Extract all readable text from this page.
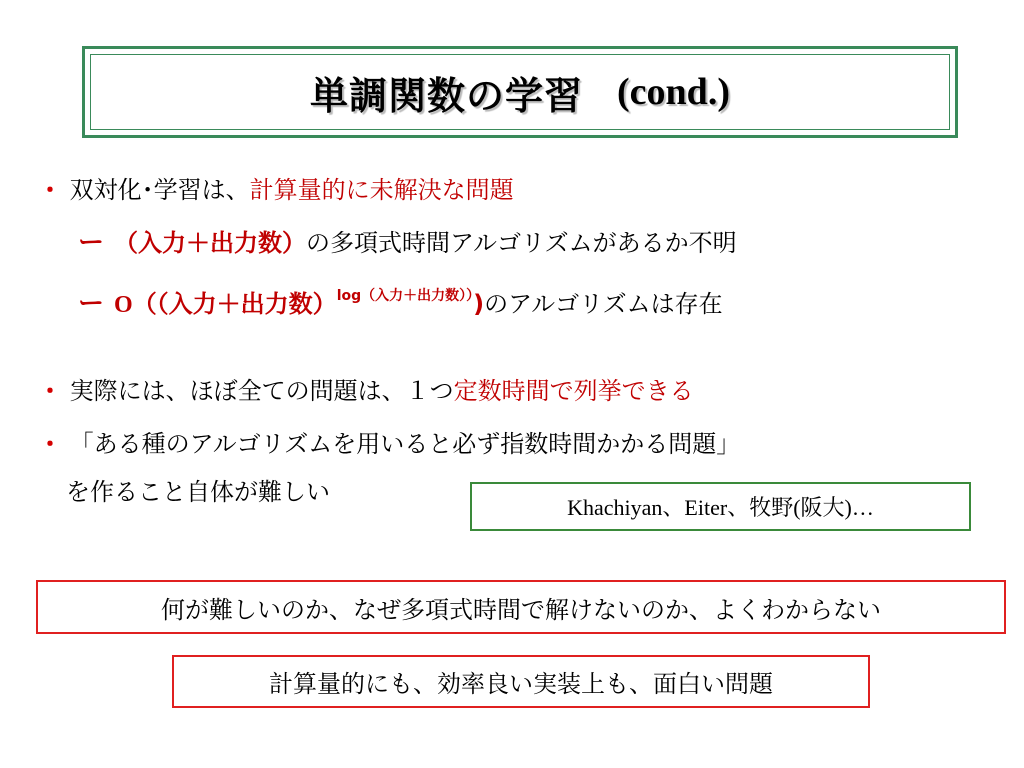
単調関数の学習 (cond.)
･ 双対化･学習は、計算量的に未解決な問題
ー （入力＋出力数）の多項式時間アルゴリズムがあるか不明
ー O（（入力＋出力数）$^{log(入力+出力数))}$)のアルゴリズムは存在
･ 実際には、ほぼ全ての問題は、１つ定数時間で列挙できる
･ 「ある種のアルゴリズムを用いると必ず指数時間かかる問題」
を作ること自体が難しい
Khachiyan、Eiter、牧野(阪大)…
何が難しいのか、なぜ多項式時間で解けないのか、よくわからない
計算量的にも、効率良い実装上も、面白い問題
